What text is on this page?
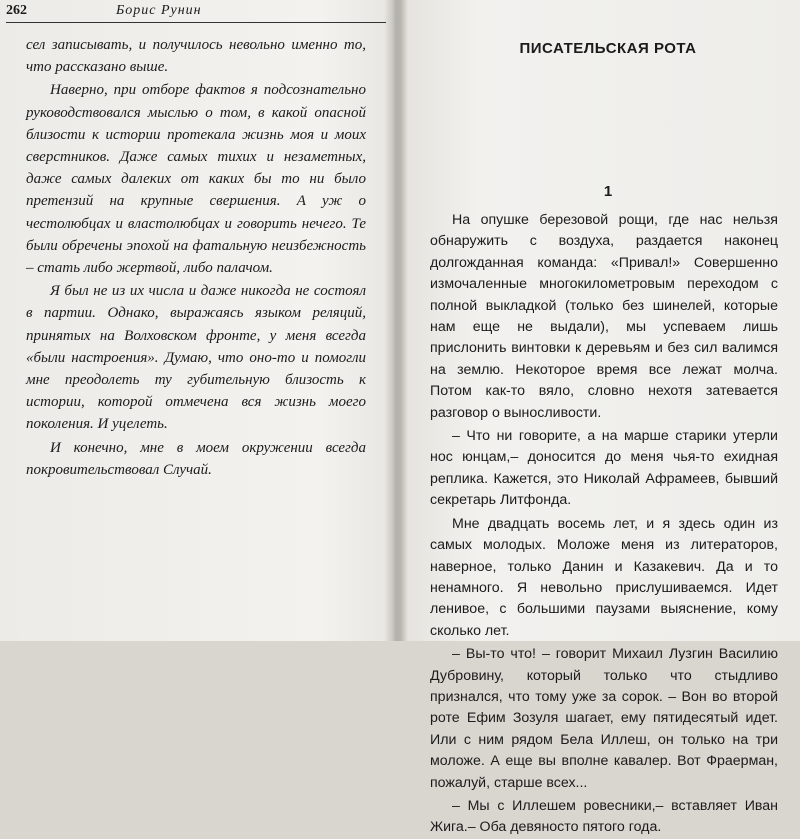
262	Борис Рунин

сел записывать, и получилось невольно именно то, что рассказано выше.

Наверно, при отборе фактов я подсознательно руководствовался мыслью о том, в какой опасной близости к истории протекала жизнь моя и моих сверстников. Даже самых тихих и незаметных, даже самых далеких от каких бы то ни было претензий на крупные свершения. А уж о честолюбцах и властолюбцах и говорить нечего. Те были обречены эпохой на фатальную неизбежность – стать либо жертвой, либо палачом.

Я был не из их числа и даже никогда не состоял в партии. Однако, выражаясь языком реляций, принятых на Волховском фронте, у меня всегда «были настроения». Думаю, что оно-то и помогли мне преодолеть ту губительную близость к истории, которой отмечена вся жизнь моего поколения. И уцелеть.

И конечно, мне в моем окружении всегда покровительствовал Случай.

ПИСАТЕЛЬСКАЯ РОТА
1

На опушке березовой рощи, где нас нельзя обнаружить с воздуха, раздается наконец долгожданная команда: «Привал!» Совершенно измочаленные многокилометровым переходом с полной выкладкой (только без шинелей, которые нам еще не выдали), мы успеваем лишь прислонить винтовки к деревьям и без сил валимся на землю. Некоторое время все лежат молча. Потом как-то вяло, словно нехотя затевается разговор о выносливости.

– Что ни говорите, а на марше старики утерли нос юнцам,– доносится до меня чья-то ехидная реплика. Кажется, это Николай Афрамеев, бывший секретарь Литфонда.

Мне двадцать восемь лет, и я здесь один из самых молодых. Моложе меня из литераторов, наверное, только Данин и Казакевич. Да и то ненамного. Я невольно прислушиваемся. Идет ленивое, с большими паузами выяснение, кому сколько лет.

– Вы-то что! – говорит Михаил Лузгин Василию Дубровину, который только что стыдливо признался, что тому уже за сорок. – Вон во второй роте Ефим Зозуля шагает, ему пятидесятый идет. Или с ним рядом Бела Иллеш, он только на три моложе. А еще вы вполне кавалер. Вот Фраерман, пожалуй, старше всех...

– Мы с Иллешем ровесники,– вставляет Иван Жига.– Оба девяносто пятого года.
